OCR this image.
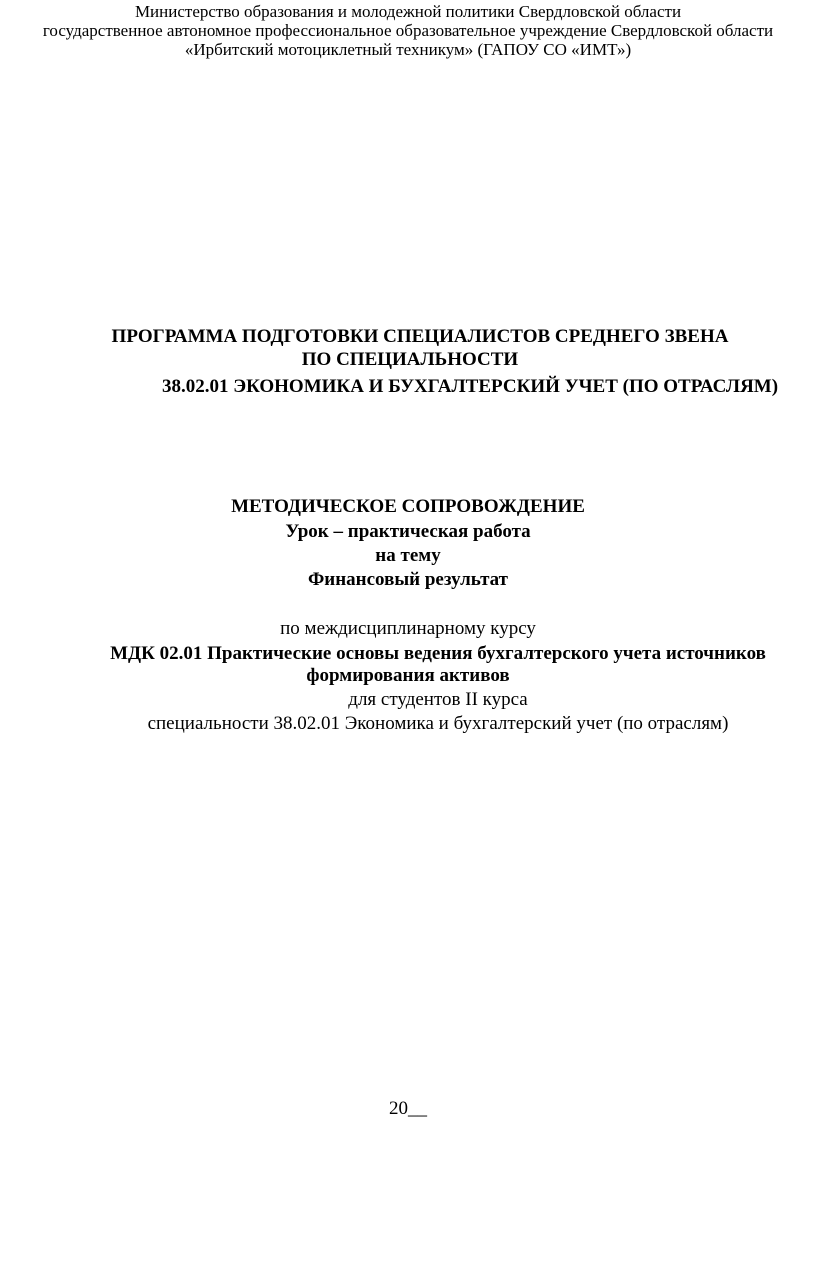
Министерство образования и молодежной политики Свердловской области
государственное автономное профессиональное образовательное учреждение Свердловской области
«Ирбитский мотоциклетный техникум» (ГАПОУ СО «ИМТ»)
ПРОГРАММА ПОДГОТОВКИ СПЕЦИАЛИСТОВ СРЕДНЕГО ЗВЕНА
ПО СПЕЦИАЛЬНОСТИ
38.02.01 ЭКОНОМИКА И БУХГАЛТЕРСКИЙ УЧЕТ (ПО ОТРАСЛЯМ)
МЕТОДИЧЕСКОЕ СОПРОВОЖДЕНИЕ
Урок – практическая работа
на тему
Финансовый результат
по междисциплинарному курсу
МДК 02.01 Практические основы ведения бухгалтерского учета источников
формирования активов
для студентов II курса
специальности 38.02.01 Экономика и бухгалтерский учет (по отраслям)
20__
